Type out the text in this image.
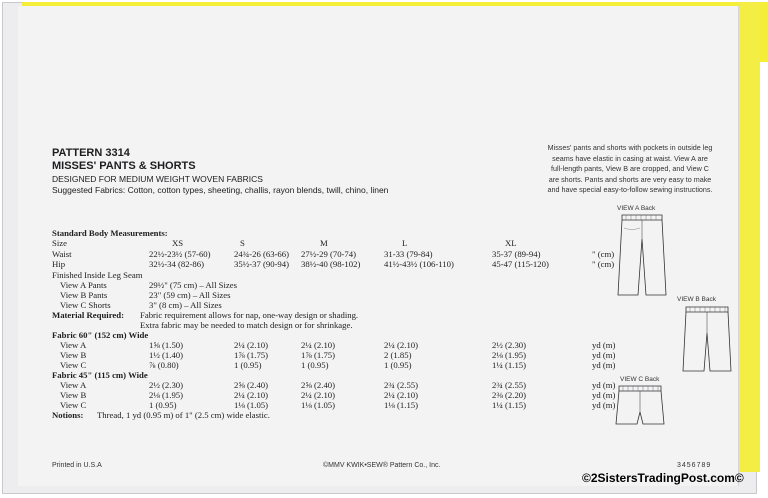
PATTERN 3314
MISSES' PANTS & SHORTS
DESIGNED FOR MEDIUM WEIGHT WOVEN FABRICS
Suggested Fabrics: Cotton, cotton types, sheeting, challis, rayon blends, twill, chino, linen
Misses' pants and shorts with pockets in outside leg
seams have elastic in casing at waist. View A are
full-length pants, View B are cropped, and View C
are shorts. Pants and shorts are very easy to make
and have special easy-to-follow sewing instructions.
Standard Body Measurements:
Size	XS	S	M	L	XL
Waist	22½-23½ (57-60)	24¾-26 (63-66) 27½-29 (70-74)	31-33 (79-84)	35-37 (89-94)	" (cm)
Hip	32½-34 (82-86)	35½-37 (90-94) 38½-40 (98-102)	41½-43½ (106-110)	45-47 (115-120)	" (cm)
Finished Inside Leg Seam
View A Pants	29½" (75 cm) – All Sizes
View B Pants	23" (59 cm) – All Sizes
View C Shorts	3" (8 cm) – All Sizes
Material Required: Fabric requirement allows for nap, one-way design or shading.
Extra fabric may be needed to match design or for shrinkage.
Fabric 60" (152 cm) Wide
View A	1⅝ (1.50)	2¼ (2.10)	2¼ (2.10)	2¼ (2.10)	2½ (2.30)	yd (m)
View B	1½ (1.40)	1⅞ (1.75)	1⅞ (1.75)	2 (1.85)	2⅛ (1.95)	yd (m)
View C	⅞ (0.80)	1 (0.95)	1 (0.95)	1 (0.95)	1¼ (1.15)	yd (m)
Fabric 45" (115 cm) Wide
View A	2½ (2.30)	2⅝ (2.40)	2⅝ (2.40)	2¾ (2.55)	2¾ (2.55)	yd (m)
View B	2⅛ (1.95)	2¼ (2.10)	2¼ (2.10)	2¼ (2.10)	2⅜ (2.20)	yd (m)
View C	1 (0.95)	1⅛ (1.05)	1⅛ (1.05)	1⅛ (1.15)	1¼ (1.15)	yd (m)
Notions: Thread, 1 yd (0.95 m) of 1" (2.5 cm) wide elastic.
VIEW A Back
VIEW B Back
VIEW C Back
Printed in U.S.A	©MMV KWIK•SEW® Pattern Co., Inc.	3456789
©2SistersTradingPost.com©
